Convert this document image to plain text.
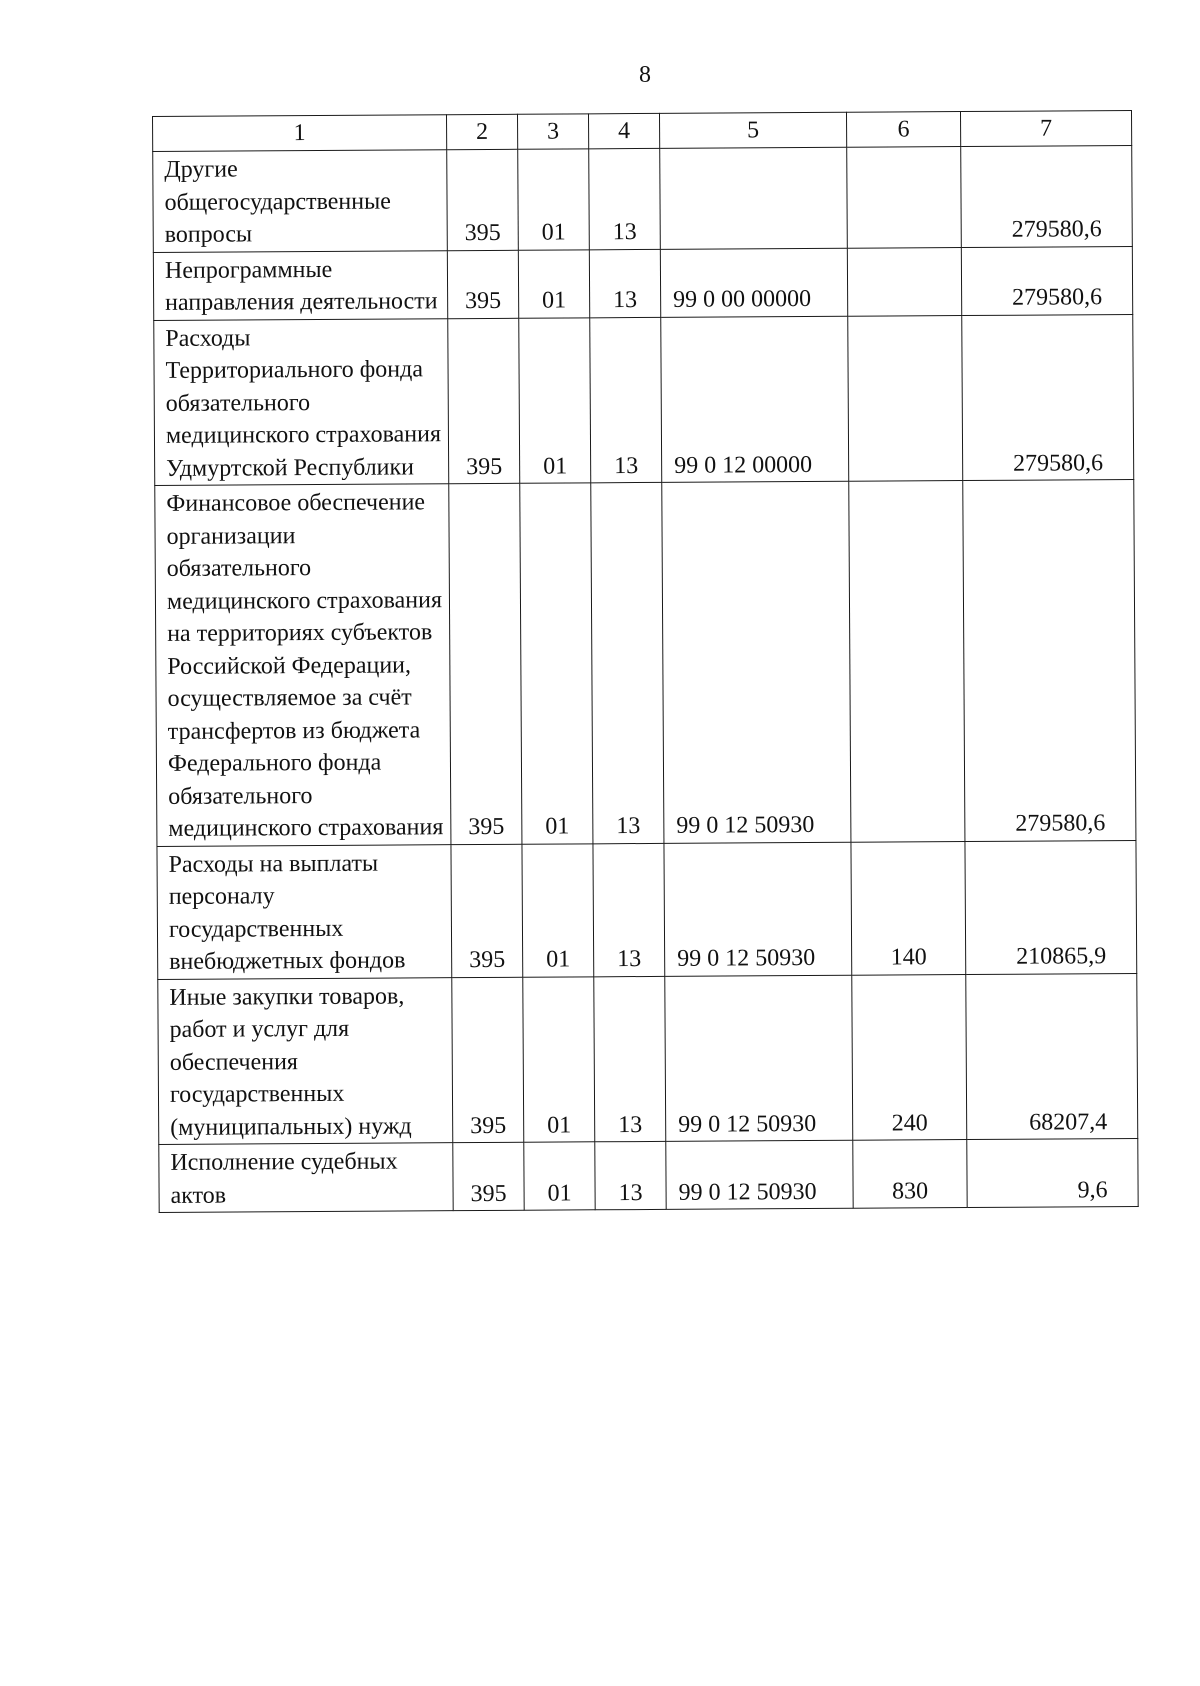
8
1	2	3	4	5	6	7
Другие общегосударственные вопросы	395	01	13			279580,6
Непрограммные направления деятельности	395	01	13	99 0 00 00000		279580,6
Расходы Территориального фонда обязательного медицинского страхования Удмуртской Республики	395	01	13	99 0 12 00000		279580,6
Финансовое обеспечение организации обязательного медицинского страхования на территориях субъектов Российской Федерации, осуществляемое за счёт трансфертов из бюджета Федерального фонда обязательного медицинского страхования	395	01	13	99 0 12 50930		279580,6
Расходы на выплаты персоналу государственных внебюджетных фондов	395	01	13	99 0 12 50930	140	210865,9
Иные закупки товаров, работ и услуг для обеспечения государственных (муниципальных) нужд	395	01	13	99 0 12 50930	240	68207,4
Исполнение судебных актов	395	01	13	99 0 12 50930	830	9,6
